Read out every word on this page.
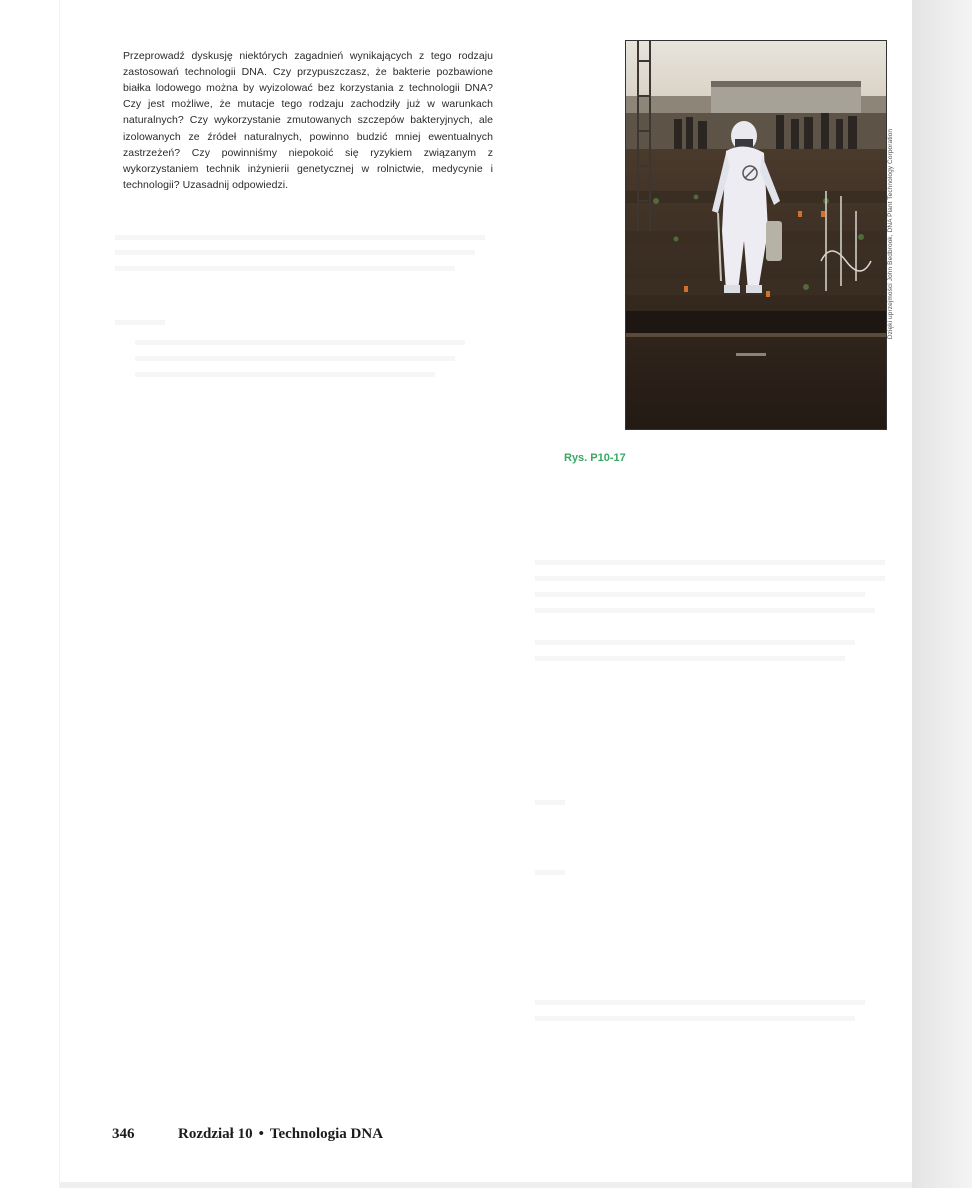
Przeprowadź dyskusję niektórych zagadnień wynikających z tego rodzaju zastosowań technologii DNA. Czy przypuszczasz, że bakterie pozbawione białka lodowego można by wyizolować bez korzystania z technologii DNA? Czy jest możliwe, że mutacje tego rodzaju zachodziły już w warunkach naturalnych? Czy wykorzystanie zmutowanych szczepów bakteryjnych, ale izolowanych ze źródeł naturalnych, powinno budzić mniej ewentualnych zastrzeżeń? Czy powinniśmy niepokoić się ryzykiem związanym z wykorzystaniem technik inżynierii genetycznej w rolnictwie, medycynie i technologii? Uzasadnij odpowiedzi.	Dzięki uprzejmości John Bedbrook, DNA Plant Technology Corporation
Rys. P10-17
346	Rozdział 10 • Technologia DNA
